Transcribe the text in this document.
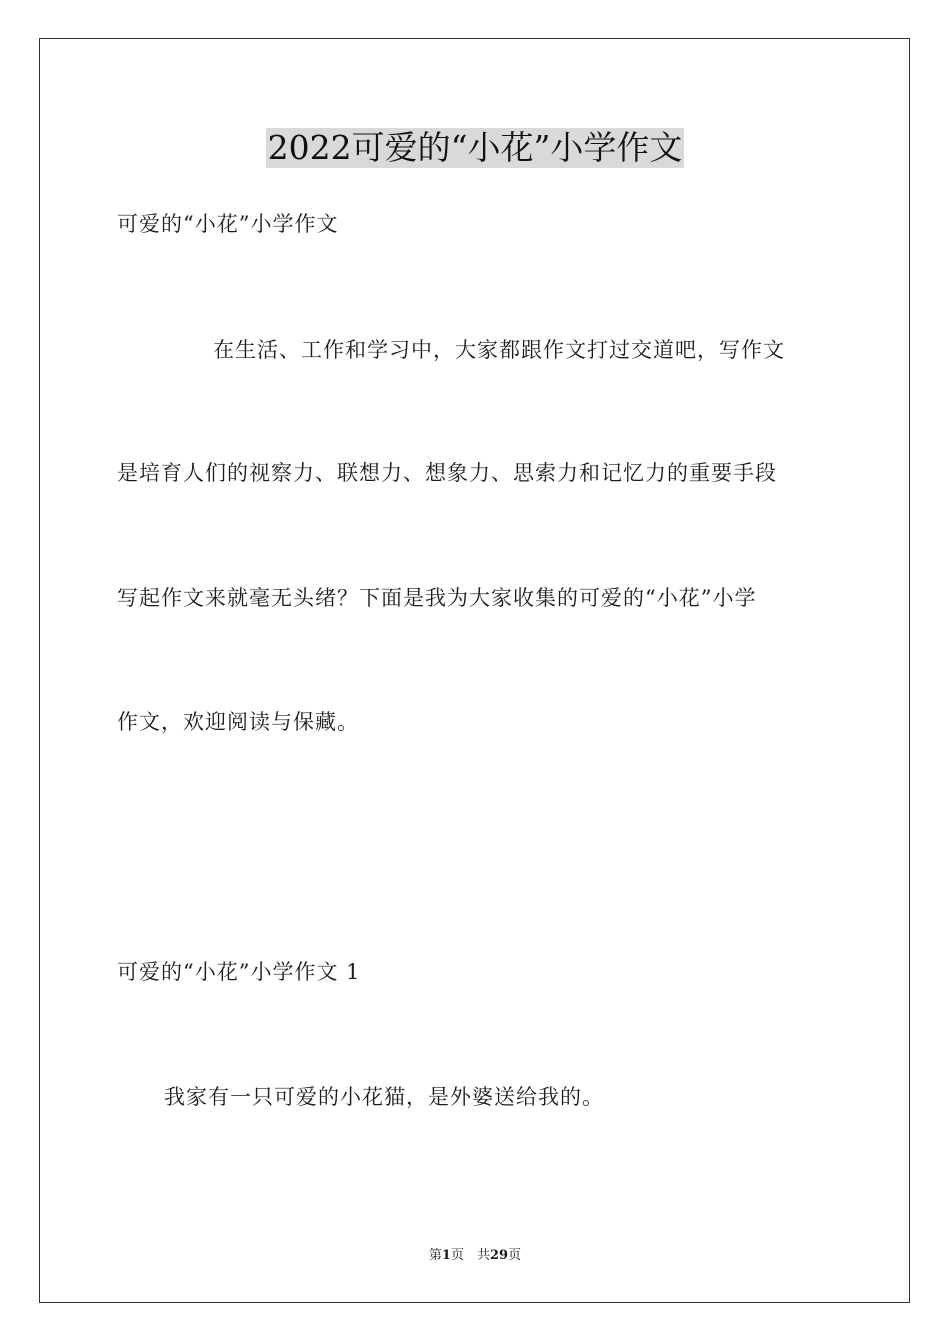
2022可爱的“小花”小学作文
可爱的“小花”小学作文
在生活、工作和学习中，大家都跟作文打过交道吧，写作文
是培育人们的视察力、联想力、想象力、思索力和记忆力的重要手段
写起作文来就毫无头绪？下面是我为大家收集的可爱的“小花”小学
作文，欢迎阅读与保藏。
可爱的“小花”小学作文 1
我家有一只可爱的小花猫，是外婆送给我的。
第1页　共29页
